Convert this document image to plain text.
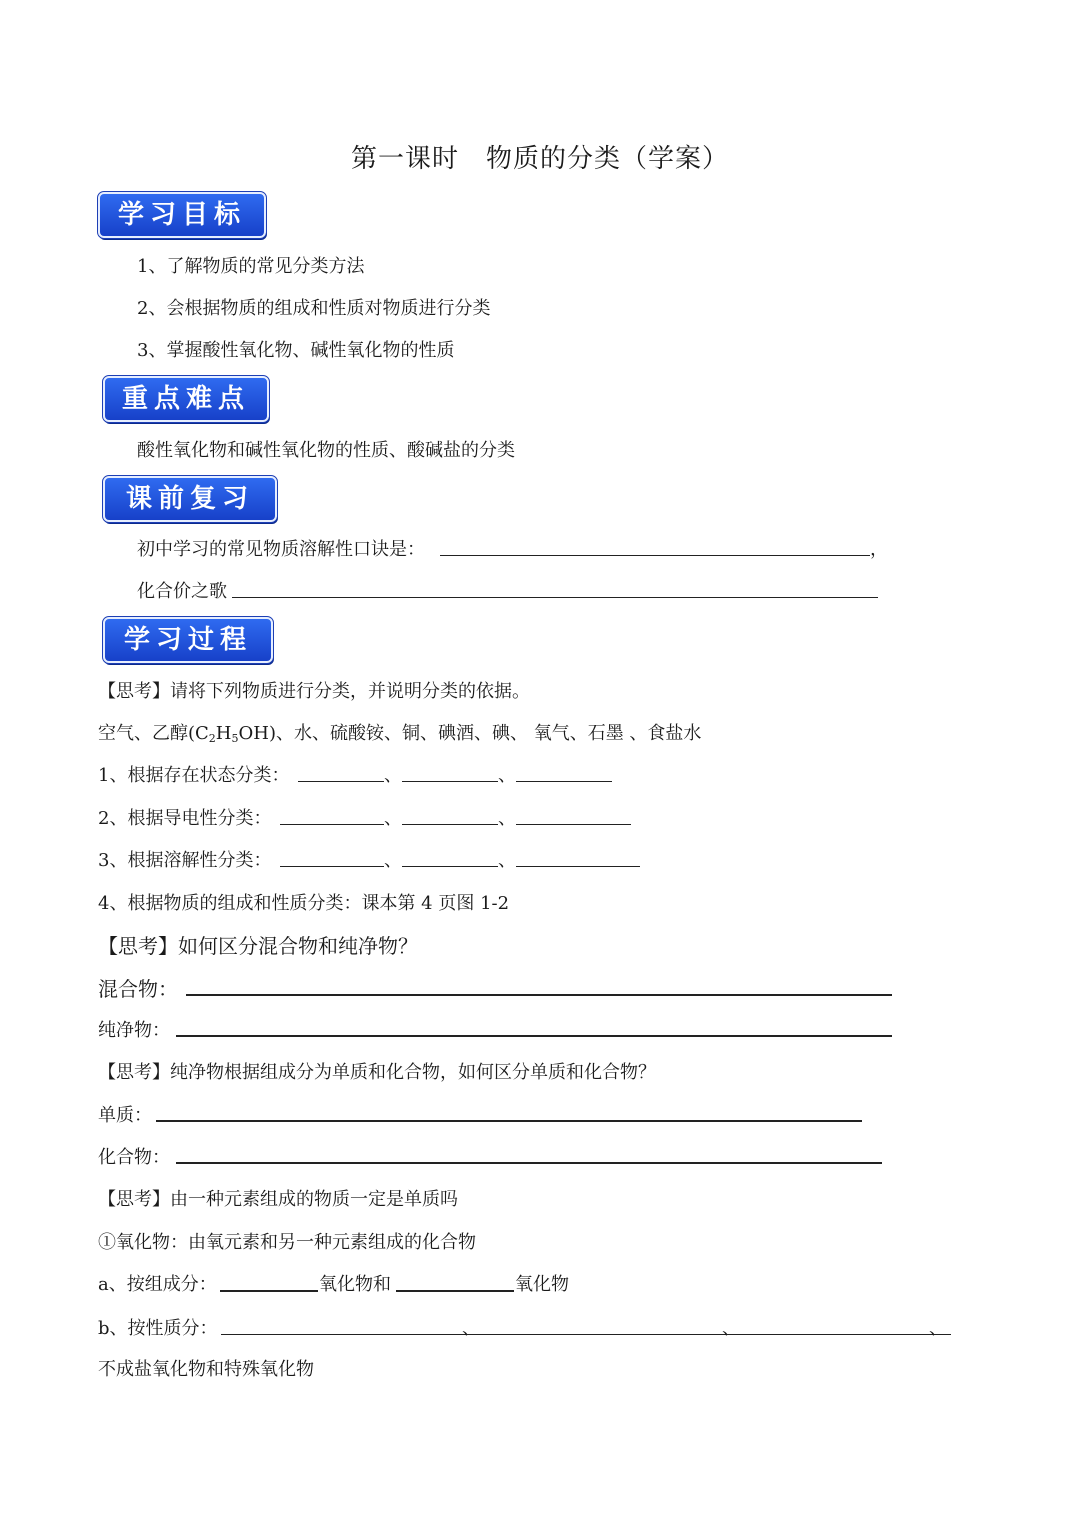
第一课时　物质的分类（学案）
学习目标
1、了解物质的常见分类方法
2、会根据物质的组成和性质对物质进行分类
3、掌握酸性氧化物、碱性氧化物的性质
重点难点
酸性氧化物和碱性氧化物的性质、酸碱盐的分类
课前复习
初中学习的常见物质溶解性口诀是：	，
化合价之歌
学习过程
【思考】请将下列物质进行分类，并说明分类的依据。
空气、乙醇$(C_2H_5OH)$、水、硫酸铵、铜、碘酒、碘、 氧气、石墨 、食盐水
1、根据存在状态分类：	、	、
2、根据导电性分类：	、	、
3、根据溶解性分类：	、	、
4、根据物质的组成和性质分类：课本第 4 页图 1-2
【思考】如何区分混合物和纯净物？
混合物：
纯净物：
【思考】纯净物根据组成分为单质和化合物，如何区分单质和化合物？
单质：
化合物：
【思考】由一种元素组成的物质一定是单质吗
①氧化物：由氧元素和另一种元素组成的化合物
a、按组成分：	氧化物和	氧化物
b、按性质分：	、	、	、
不成盐氧化物和特殊氧化物
